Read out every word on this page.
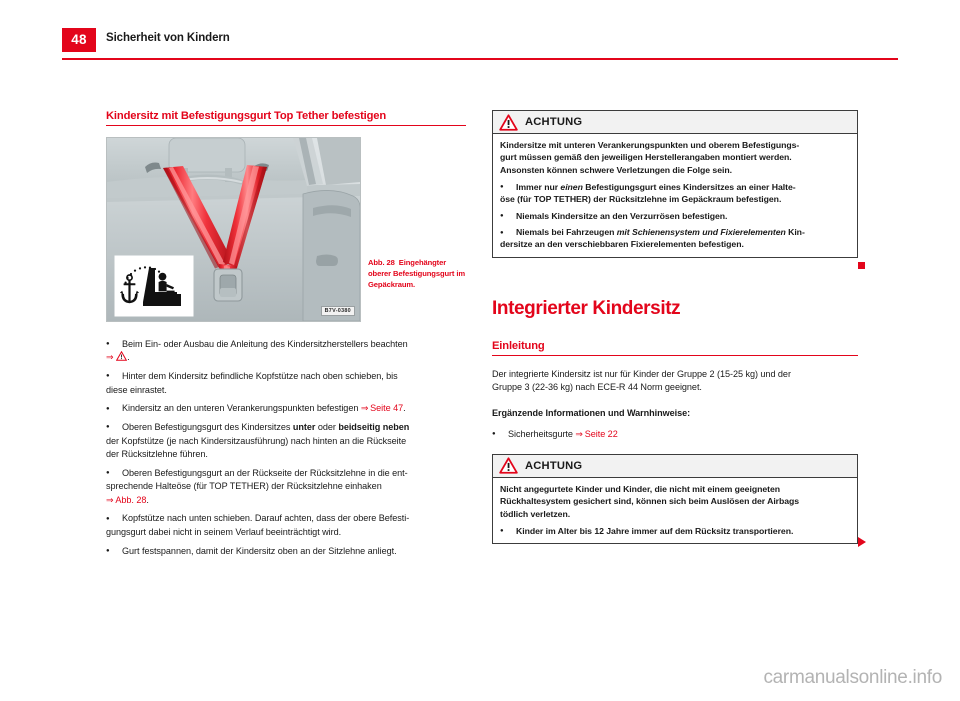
48	Sicherheit von Kindern
Kindersitz mit Befestigungsgurt Top Tether befestigen
B7V-0380
Abb. 28 Eingehängter oberer Befestigungsgurt im Gepäckraum.
●Beim Ein- oder Ausbau die Anleitung des Kindersitzherstellers beachten
⇒ .
●Hinter dem Kindersitz befindliche Kopfstütze nach oben schieben, bis
diese einrastet.
●Kindersitz an den unteren Verankerungspunkten befestigen ⇒ Seite 47.
●Oberen Befestigungsgurt des Kindersitzes unter oder beidseitig neben
der Kopfstütze (je nach Kindersitzausführung) nach hinten an die Rückseite
der Rücksitzlehne führen.
●Oberen Befestigungsgurt an der Rückseite der Rücksitzlehne in die ent-
sprechende Halteöse (für TOP TETHER) der Rücksitzlehne einhaken
⇒ Abb. 28.
●Kopfstütze nach unten schieben. Darauf achten, dass der obere Befesti-
gungsgurt dabei nicht in seinem Verlauf beeinträchtigt wird.
●Gurt festspannen, damit der Kindersitz oben an der Sitzlehne anliegt.
ACHTUNG
Kindersitze mit unteren Verankerungspunkten und oberem Befestigungs-
gurt müssen gemäß den jeweiligen Herstellerangaben montiert werden.
Ansonsten können schwere Verletzungen die Folge sein.
●Immer nur einen Befestigungsgurt eines Kindersitzes an einer Halte-
öse (für TOP TETHER) der Rücksitzlehne im Gepäckraum befestigen.
●Niemals Kindersitze an den Verzurrösen befestigen.
●Niemals bei Fahrzeugen mit Schienensystem und Fixierelementen Kin-
dersitze an den verschiebbaren Fixierelementen befestigen.
Integrierter Kindersitz
Einleitung
Der integrierte Kindersitz ist nur für Kinder der Gruppe 2 (15-25 kg) und der
Gruppe 3 (22-36 kg) nach ECE-R 44 Norm geeignet.
Ergänzende Informationen und Warnhinweise:
●Sicherheitsgurte ⇒ Seite 22
ACHTUNG
Nicht angegurtete Kinder und Kinder, die nicht mit einem geeigneten
Rückhaltesystem gesichert sind, können sich beim Auslösen der Airbags
tödlich verletzen.
●Kinder im Alter bis 12 Jahre immer auf dem Rücksitz transportieren.
carmanualsonline.info
